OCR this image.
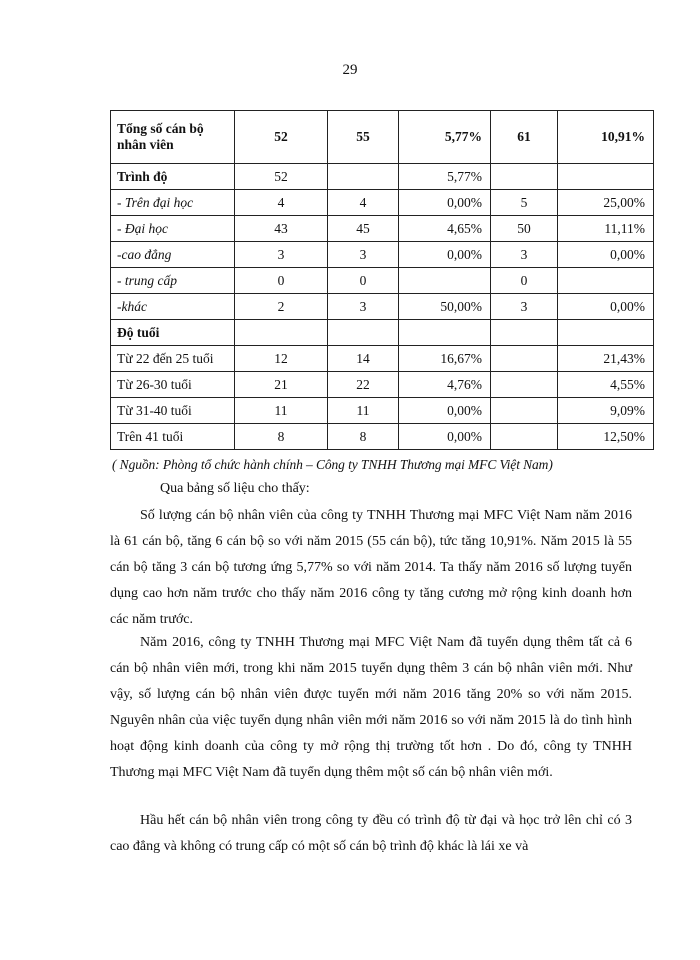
29
Tổng số cán bộ nhân viên	52	55	5,77%	61	10,91%
Trình độ	52		5,77%		
- Trên đại học	4	4	0,00%	5	25,00%
- Đại học	43	45	4,65%	50	11,11%
-cao đẳng	3	3	0,00%	3	0,00%
- trung cấp	0	0		0	
-khác	2	3	50,00%	3	0,00%
Độ tuổi					
Từ 22 đến 25 tuổi	12	14	16,67%		21,43%
Từ 26-30 tuổi	21	22	4,76%		4,55%
Từ 31-40 tuổi	11	11	0,00%		9,09%
Trên 41 tuổi	8	8	0,00%		12,50%
( Nguồn: Phòng tổ chức hành chính – Công ty TNHH Thương mại MFC Việt Nam)
Qua bảng số liệu cho thấy:
Số lượng cán bộ nhân viên của công ty TNHH Thương mại MFC Việt Nam năm 2016 là 61 cán bộ, tăng 6 cán bộ so với năm 2015 (55 cán bộ), tức tăng 10,91%. Năm 2015 là 55 cán bộ tăng 3 cán bộ tương ứng 5,77% so với năm 2014. Ta thấy năm 2016 số lượng tuyển dụng cao hơn năm trước cho thấy năm 2016 công ty tăng cương mở rộng kinh doanh hơn các năm trước.
Năm 2016, công ty TNHH Thương mại MFC Việt Nam đã tuyển dụng thêm tất cả 6 cán bộ nhân viên mới, trong khi năm 2015 tuyển dụng thêm 3 cán bộ nhân viên mới. Như vậy, số lượng cán bộ nhân viên được tuyển mới năm 2016 tăng 20% so với năm 2015. Nguyên nhân của việc tuyển dụng nhân viên mới năm 2016 so với năm 2015 là do tình hình hoạt động kinh doanh của công ty mở rộng thị trường tốt hơn . Do đó, công ty TNHH Thương mại MFC Việt Nam đã tuyển dụng thêm một số cán bộ nhân viên mới.
Hầu hết cán bộ nhân viên trong công ty đều có trình độ từ đại và học trở lên chỉ có 3 cao đẳng và không có trung cấp có một số cán bộ trình độ khác là lái xe và
